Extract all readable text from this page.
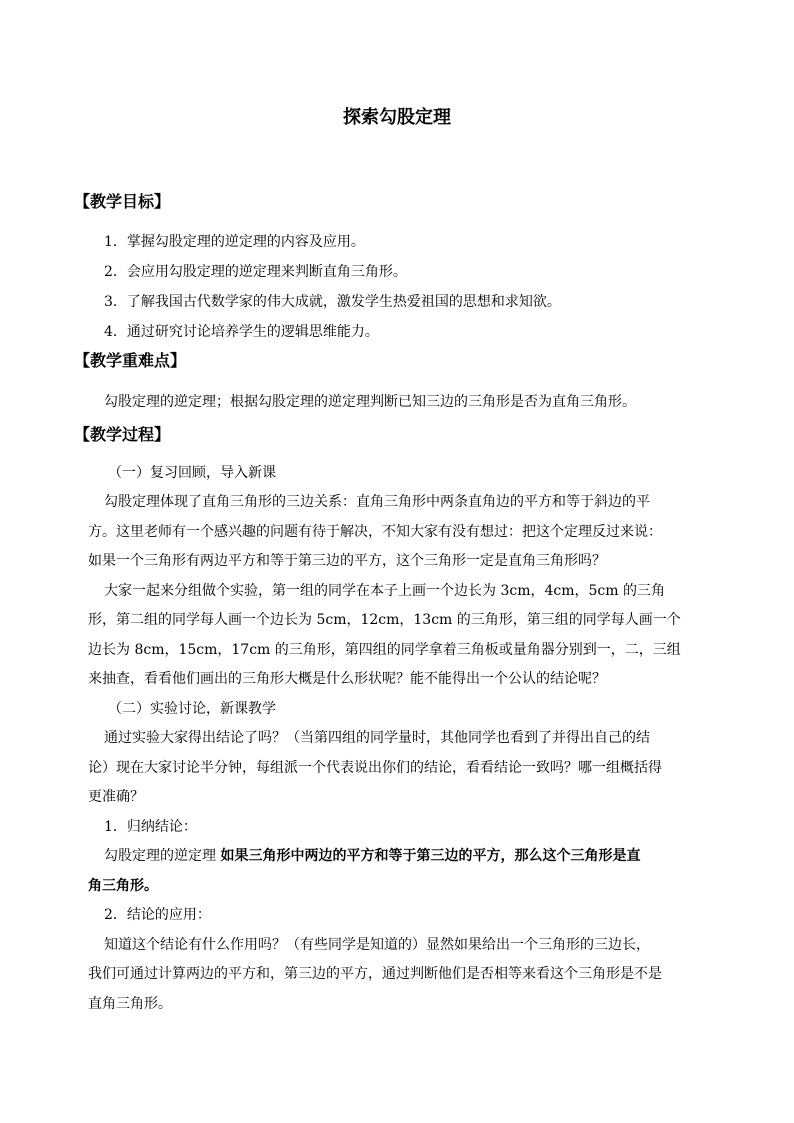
探索勾股定理
【教学目标】
1．掌握勾股定理的逆定理的内容及应用。
2．会应用勾股定理的逆定理来判断直角三角形。
3．了解我国古代数学家的伟大成就，激发学生热爱祖国的思想和求知欲。
4．通过研究讨论培养学生的逻辑思维能力。
【教学重难点】
勾股定理的逆定理；根据勾股定理的逆定理判断已知三边的三角形是否为直角三角形。
【教学过程】
（一）复习回顾，导入新课
勾股定理体现了直角三角形的三边关系：直角三角形中两条直角边的平方和等于斜边的平
方。这里老师有一个感兴趣的问题有待于解决，不知大家有没有想过：把这个定理反过来说：
如果一个三角形有两边平方和等于第三边的平方，这个三角形一定是直角三角形吗？
大家一起来分组做个实验，第一组的同学在本子上画一个边长为 3cm，4cm，5cm 的三角
形，第二组的同学每人画一个边长为 5cm，12cm，13cm 的三角形，第三组的同学每人画一个
边长为 8cm，15cm，17cm 的三角形，第四组的同学拿着三角板或量角器分别到一，二，三组
来抽查，看看他们画出的三角形大概是什么形状呢？能不能得出一个公认的结论呢？
（二）实验讨论，新课教学
通过实验大家得出结论了吗？（当第四组的同学量时，其他同学也看到了并得出自己的结
论）现在大家讨论半分钟，每组派一个代表说出你们的结论，看看结论一致吗？哪一组概括得
更准确？
1．归纳结论：
勾股定理的逆定理 如果三角形中两边的平方和等于第三边的平方，那么这个三角形是直
角三角形。
2．结论的应用：
知道这个结论有什么作用吗？（有些同学是知道的）显然如果给出一个三角形的三边长，
我们可通过计算两边的平方和，第三边的平方，通过判断他们是否相等来看这个三角形是不是
直角三角形。
